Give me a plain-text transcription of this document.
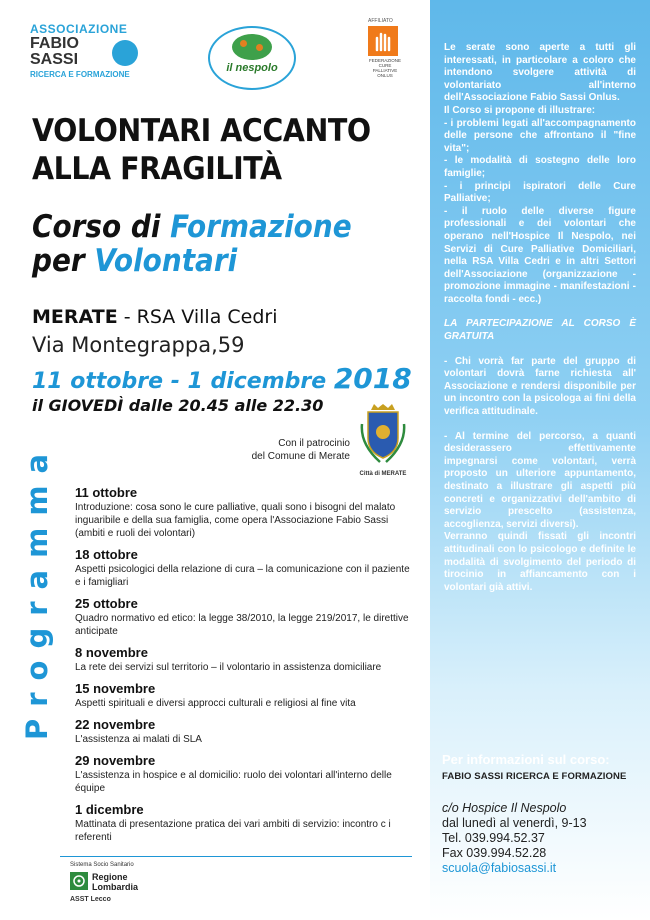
ASSOCIAZIONE
FABIO
SASSI
RICERCA E FORMAZIONE
il nespolo
AFFILIATO
FEDERAZIONE CURE PALLIATIVE ONLUS
VOLONTARI ACCANTO
ALLA FRAGILITÀ
Corso di Formazione
per Volontari
MERATE - RSA Villa Cedri
Via Montegrappa,59
11 ottobre - 1 dicembre 2018
il GIOVEDÌ dalle 20.45 alle 22.30
Con il patrocinio
del Comune di Merate
Città di MERATE
Programma 11 ottobre
Introduzione: cosa sono le cure palliative, quali sono i bisogni del malato inguaribile e della sua famiglia, come opera l'Associazione Fabio Sassi (ambiti e ruoli dei volontari)
18 ottobre
Aspetti psicologici della relazione di cura – la comunicazione con il paziente e i famigliari
25 ottobre
Quadro normativo ed etico: la legge 38/2010, la legge 219/2017, le direttive anticipate
8 novembre
La rete dei servizi sul territorio – il volontario in assistenza domiciliare
15 novembre
Aspetti spirituali e diversi approcci culturali e religiosi al fine vita
22 novembre
L'assistenza ai malati di SLA
29 novembre
L'assistenza in hospice e al domicilio: ruolo dei volontari all'interno delle équipe
1 dicembre
Mattinata di presentazione pratica dei vari ambiti di servizio: incontro c i referenti
Sistema Socio Sanitario
Regione Lombardia
ASST Lecco

Le serate sono aperte a tutti gli interessati, in particolare a coloro che intendono svolgere attività di volontariato all'interno dell'Associazione Fabio Sassi Onlus.

Il Corso si propone di illustrare:

- i problemi legati all'accompagnamento delle persone che affrontano il "fine vita";

- le modalità di sostegno delle loro famiglie;

- i principi ispiratori delle Cure Palliative;

- il ruolo delle diverse figure professionali e dei volontari che operano nell'Hospice Il Nespolo, nei Servizi di Cure Palliative Domiciliari, nella RSA Villa Cedri e in altri Settori dell'Associazione (organizzazione - promozione immagine - manifestazioni - raccolta fondi - ecc.)

LA PARTECIPAZIONE AL CORSO È GRATUITA

- Chi vorrà far parte del gruppo di volontari dovrà farne richiesta all' Associazione e rendersi disponibile per un incontro con la psicologa ai fini della verifica attitudinale.

- Al termine del percorso, a quanti desiderassero effettivamente impegnarsi come volontari, verrà proposto un ulteriore appuntamento, destinato a illustrare gli aspetti più concreti e organizzativi dell'ambito di servizio prescelto (assistenza, accoglienza, servizi diversi).

Verranno quindi fissati gli incontri attitudinali con lo psicologo e definite le modalità di svolgimento del periodo di tirocinio in affiancamento con i volontari già attivi.

Per informazioni sul corso:
FABIO SASSI RICERCA E FORMAZIONE
c/o Hospice Il Nespolo
dal lunedì al venerdì, 9-13
Tel. 039.994.52.37
Fax 039.994.52.28
scuola@fabiosassi.it
